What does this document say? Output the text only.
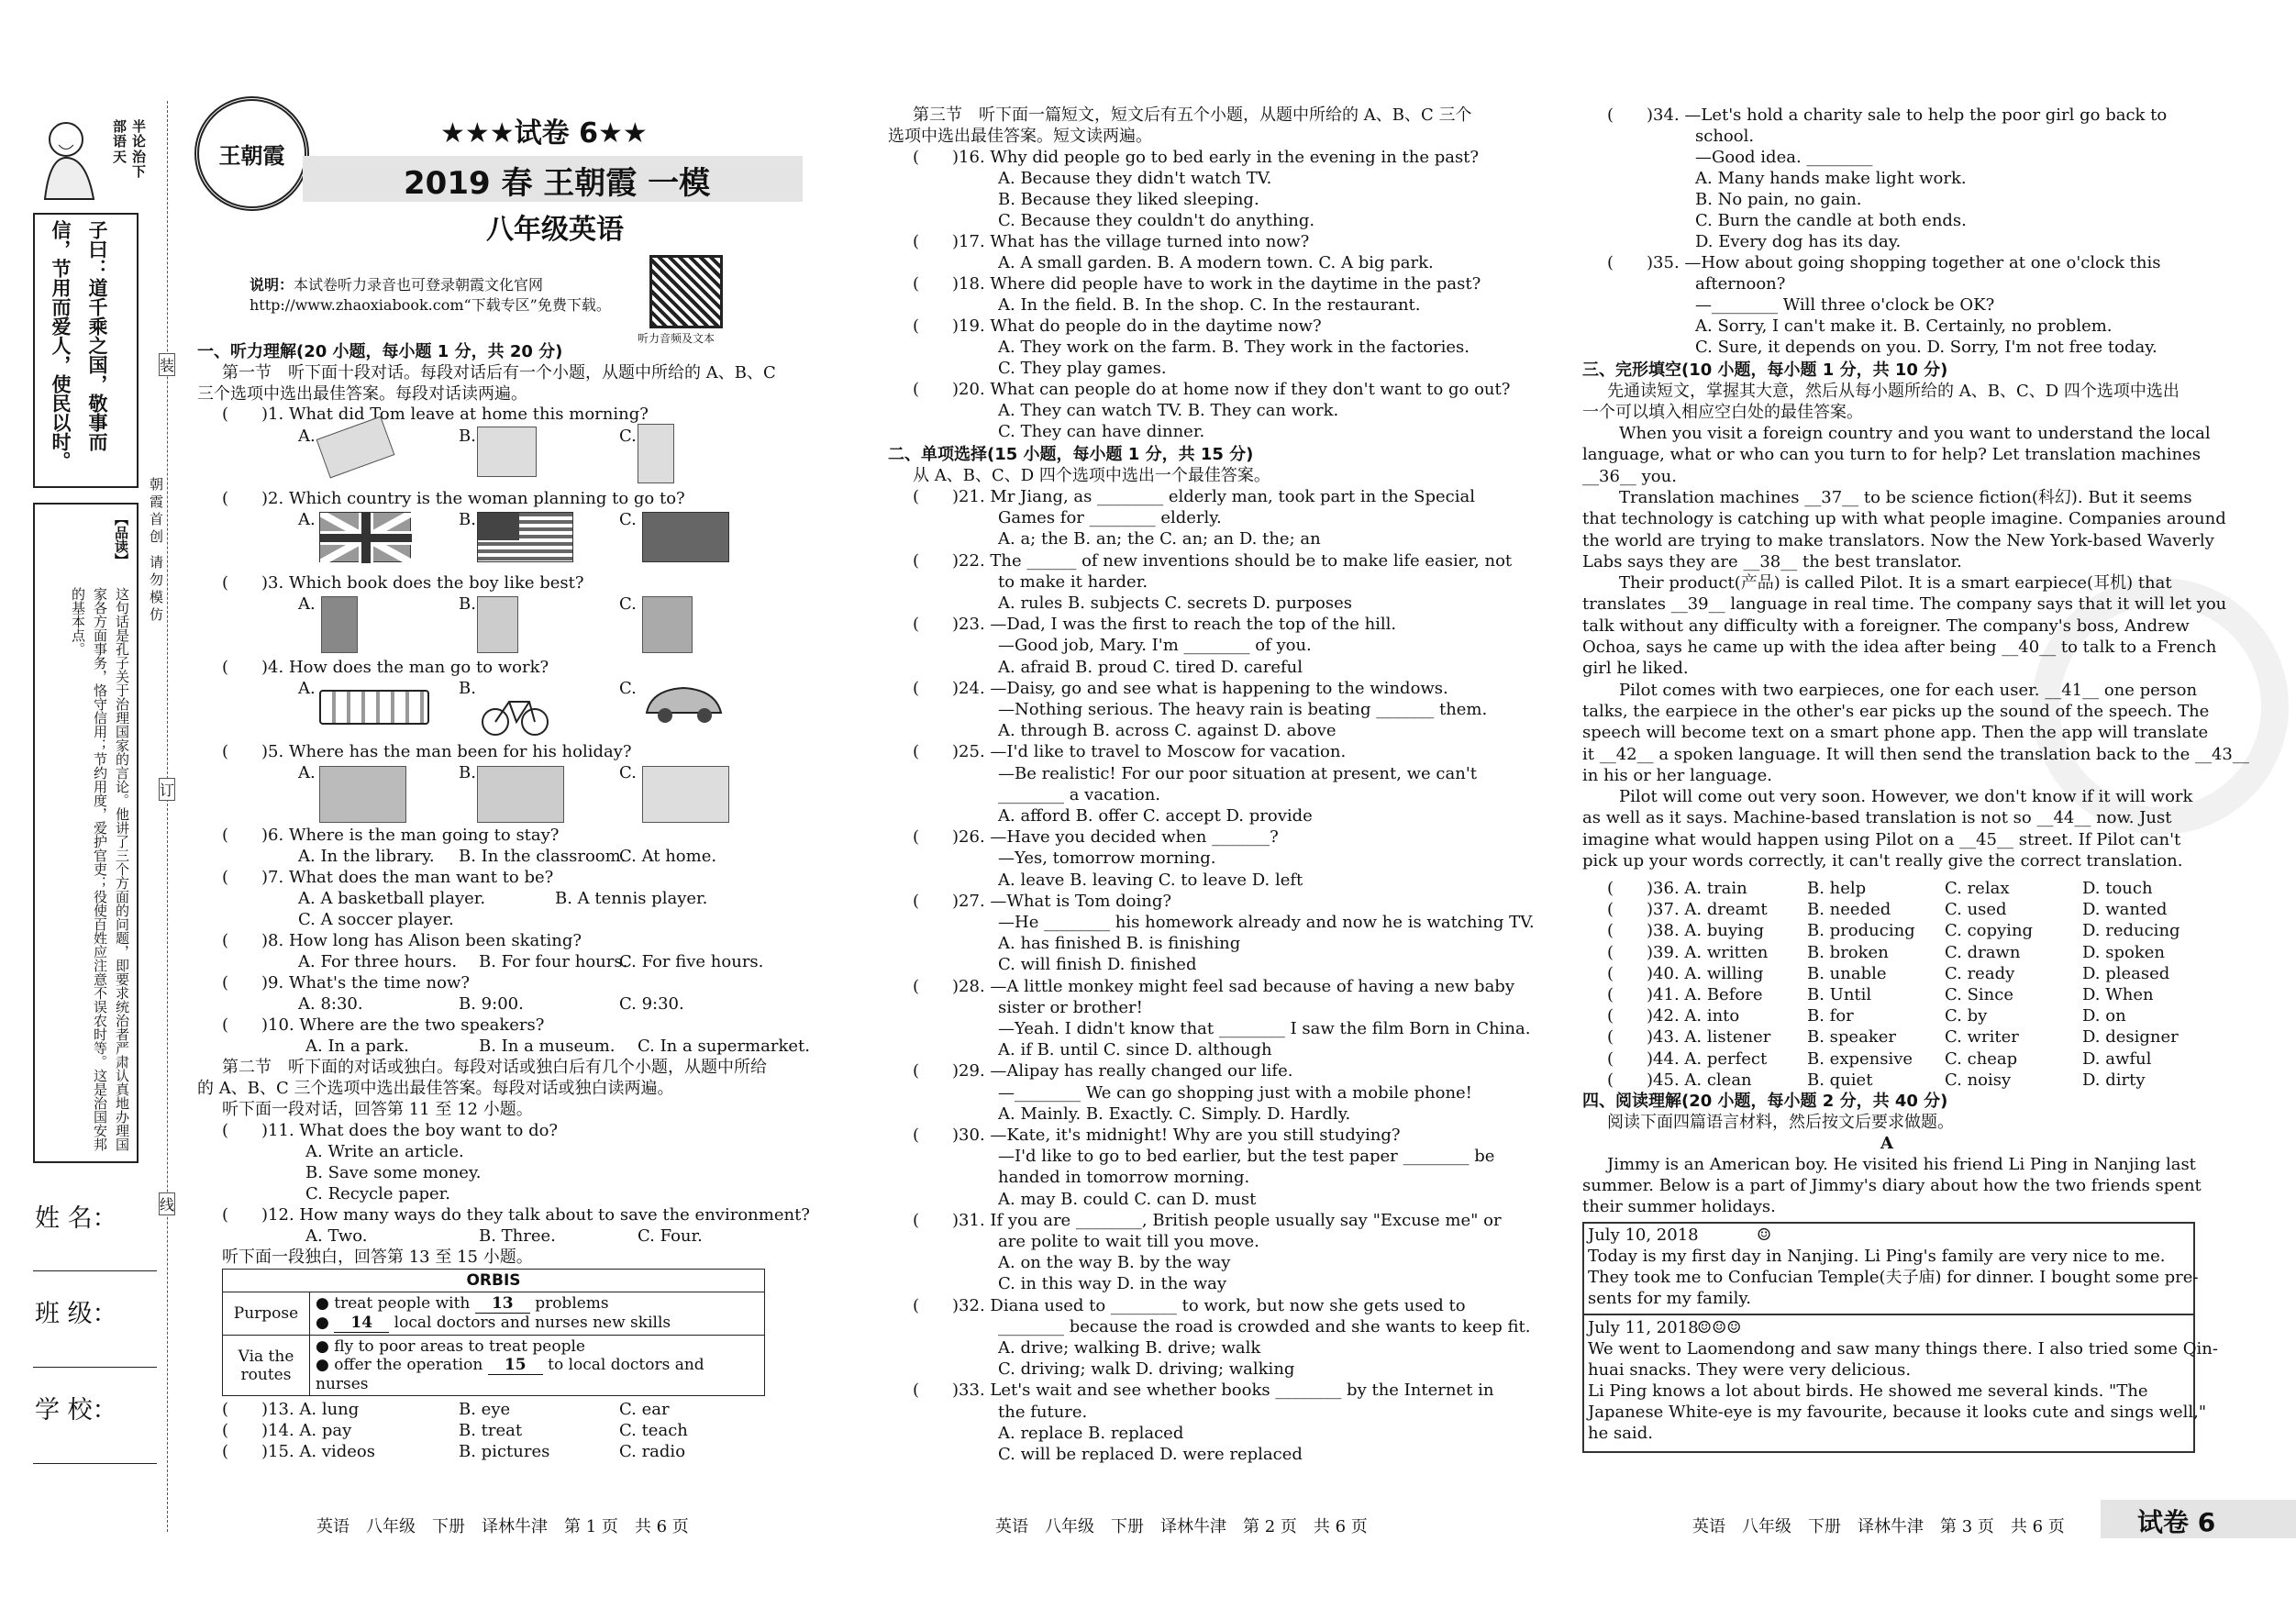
半部论语治天下
子曰：道千乘之国，敬事而信，节用而爱人，使民以时。
【品读】
这句话是孔子关于治理国家的言论。他讲了三个方面的问题，即要求统治者严肃认真地办理国家各方面事务，恪守信用；节约用度，爱护官吏；役使百姓应注意不误农时等。这是治国安邦的基本点。	朝霞首创 请勿模仿
装
订
线
姓 名：
班 级：
学 校：
王朝霞
★★★试卷 6★★
2019 春 王朝霞 一模
八年级英语
说明：本试卷听力录音也可登录朝霞文化官网 http://www.zhaoxiabook.com“下载专区”免费下载。
听力音频及文本
一、听力理解(20 小题，每小题 1 分，共 20 分)
第一节　听下面十段对话。每段对话后有一个小题，从题中所给的 A、B、C
三个选项中选出最佳答案。每段对话读两遍。
(　　)1. What did Tom leave at home this morning?
A.	B.	C.
(　　)2. Which country is the woman planning to go to?
A.	B.	C.
(　　)3. Which book does the boy like best?
A.	B.	C.
(　　)4. How does the man go to work?
A.	B.	C.
(　　)5. Where has the man been for his holiday?
A.	B.	C.
(　　)6. Where is the man going to stay?
A. In the library. B. In the classroom.
C. At home.
(　　)7. What does the man want to be?
A. A basketball player.	B. A tennis player.
C. A soccer player.
(　　)8. How long has Alison been skating?
A. For three hours. B. For four hours.
C. For five hours.
(　　)9. What's the time now?
A. 8:30.	B. 9:00.	C. 9:30.
(　　)10. Where are the two speakers?
A. In a park.	B. In a museum. C. In a supermarket.
第二节　听下面的对话或独白。每段对话或独白后有几个小题，从题中所给
的 A、B、C 三个选项中选出最佳答案。每段对话或独白读两遍。
听下面一段对话，回答第 11 至 12 小题。
(　　)11. What does the boy want to do?
A. Write an article.
B. Save some money.
C. Recycle paper.
(　　)12. How many ways do they talk about to save the environment?
A. Two.	B. Three.	C. Four.
听下面一段独白，回答第 13 至 15 小题。
ORBIS	
Purpose	● treat people with 13 problems
● 14 local doctors and nurses new skills
Via the routes	● fly to poor areas to treat people
● offer the operation 15 to local doctors and nurses
(　　)13. A. lung	B. eye	C. ear
(　　)14. A. pay	B. treat	C. teach
(　　)15. A. videos	B. pictures	C. radio
英语　八年级　下册　译林牛津　第 1 页　共 6 页
第三节　听下面一篇短文，短文后有五个小题，从题中所给的 A、B、C 三个
选项中选出最佳答案。短文读两遍。
二、单项选择(15 小题，每小题 1 分，共 15 分)
从 A、B、C、D 四个选项中选出一个最佳答案。
英语　八年级　下册　译林牛津　第 2 页　共 6 页
三、完形填空(10 小题，每小题 1 分，共 10 分)
先通读短文，掌握其大意，然后从每小题所给的 A、B、C、D 四个选项中选出
一个可以填入相应空白处的最佳答案。
四、阅读理解(20 小题，每小题 2 分，共 40 分)
阅读下面四篇语言材料，然后按文后要求做题。
A
Jimmy is an American boy. He visited his friend Li Ping in Nanjing last
summer. Below is a part of Jimmy's diary about how the two friends spent
their summer holidays.
July 10, 2018	☺
Today is my first day in Nanjing. Li Ping's family are very nice to me.
They took me to Confucian Temple(夫子庙) for dinner. I bought some pre-
sents for my family.
July 11, 2018
☺☺☺
We went to Laomendong and saw many things there. I also tried some Qin-
huai snacks. They were very delicious.
Li Ping knows a lot about birds. He showed me several kinds. "The
Japanese White-eye is my favourite, because it looks cute and sings well,"
he said.
英语　八年级　下册　译林牛津　第 3 页　共 6 页	试卷 6
(　　)16. Why did people go to bed early in the evening in the past?
A. Because they didn't watch TV.
B. Because they liked sleeping.
C. Because they couldn't do anything.
(　　)17. What has the village turned into now?
A. A small garden. B. A modern town. C. A big park.
(　　)18. Where did people have to work in the daytime in the past?
A. In the field. B. In the shop. C. In the restaurant.
(　　)19. What do people do in the daytime now?
A. They work on the farm. B. They work in the factories.
C. They play games.
(　　)20. What can people do at home now if they don't want to go out?
A. They can watch TV. B. They can work.
C. They can have dinner.
(　　)21. Mr Jiang, as ________ elderly man, took part in the Special
Games for ________ elderly.
A. a; the B. an; the C. an; an D. the; an
(　　)22. The ______ of new inventions should be to make life easier, not
to make it harder.
A. rules B. subjects C. secrets D. purposes
(　　)23. —Dad, I was the first to reach the top of the hill.
—Good job, Mary. I'm ________ of you.
A. afraid B. proud C. tired D. careful
(　　)24. —Daisy, go and see what is happening to the windows.
—Nothing serious. The heavy rain is beating _______ them.
A. through B. across C. against D. above
(　　)25. —I'd like to travel to Moscow for vacation.
—Be realistic! For our poor situation at present, we can't
________ a vacation.
A. afford B. offer C. accept D. provide
(　　)26. —Have you decided when _______?
—Yes, tomorrow morning.
A. leave B. leaving C. to leave D. left
(　　)27. —What is Tom doing?
—He ________ his homework already and now he is watching TV.
A. has finished B. is finishing
C. will finish D. finished
(　　)28. —A little monkey might feel sad because of having a new baby
sister or brother!
—Yeah. I didn't know that ________ I saw the film Born in China.
A. if B. until C. since D. although
(　　)29. —Alipay has really changed our life.
—________ We can go shopping just with a mobile phone!
A. Mainly. B. Exactly. C. Simply. D. Hardly.
(　　)30. —Kate, it's midnight! Why are you still studying?
—I'd like to go to bed earlier, but the test paper ________ be
handed in tomorrow morning.
A. may B. could C. can D. must
(　　)31. If you are ________, British people usually say "Excuse me" or
are polite to wait till you move.
A. on the way B. by the way
C. in this way D. in the way
(　　)32. Diana used to ________ to work, but now she gets used to
________ because the road is crowded and she wants to keep fit.
A. drive; walking B. drive; walk
C. driving; walk D. driving; walking
(　　)33. Let's wait and see whether books ________ by the Internet in
the future.
A. replace B. replaced
C. will be replaced D. were replaced
(　　)34. —Let's hold a charity sale to help the poor girl go back to
school.
—Good idea. ________
A. Many hands make light work.
B. No pain, no gain.
C. Burn the candle at both ends.
D. Every dog has its day.
(　　)35. —How about going shopping together at one o'clock this
afternoon?
—________ Will three o'clock be OK?
A. Sorry, I can't make it. B. Certainly, no problem.
C. Sure, it depends on you. D. Sorry, I'm not free today.
When you visit a foreign country and you want to understand the local
language, what or who can you turn to for help? Let translation machines
__36__ you.
Translation machines __37__ to be science fiction(科幻). But it seems
that technology is catching up with what people imagine. Companies around
the world are trying to make translators. Now the New York-based Waverly
Labs says they are __38__ the best translator.
Their product(产品) is called Pilot. It is a smart earpiece(耳机) that
translates __39__ language in real time. The company says that it will let you
talk without any difficulty with a foreigner. The company's boss, Andrew
Ochoa, says he came up with the idea after being __40__ to talk to a French
girl he liked.
Pilot comes with two earpieces, one for each user. __41__ one person
talks, the earpiece in the other's ear picks up the sound of the speech. The
speech will become text on a smart phone app. Then the app will translate
it __42__ a spoken language. It will then send the translation back to the __43__
in his or her language.
Pilot will come out very soon. However, we don't know if it will work
as well as it says. Machine-based translation is not so __44__ now. Just
imagine what would happen using Pilot on a __45__ street. If Pilot can't
pick up your words correctly, it can't really give the correct translation.
(　　)36. A. train	B. help	C. relax	D. touch
(　　)37. A. dreamt B. needed	C. used	D. wanted
(　　)38. A. buying	B. producing C. copying	D. reducing
(　　)39. A. written B. broken	C. drawn	D. spoken
(　　)40. A. willing	B. unable	C. ready	D. pleased
(　　)41. A. Before	B. Until	C. Since	D. When
(　　)42. A. into	B. for	C. by	D. on
(　　)43. A. listener B. speaker	C. writer	D. designer
(　　)44. A. perfect B. expensive C. cheap	D. awful
(　　)45. A. clean	B. quiet	C. noisy	D. dirty
